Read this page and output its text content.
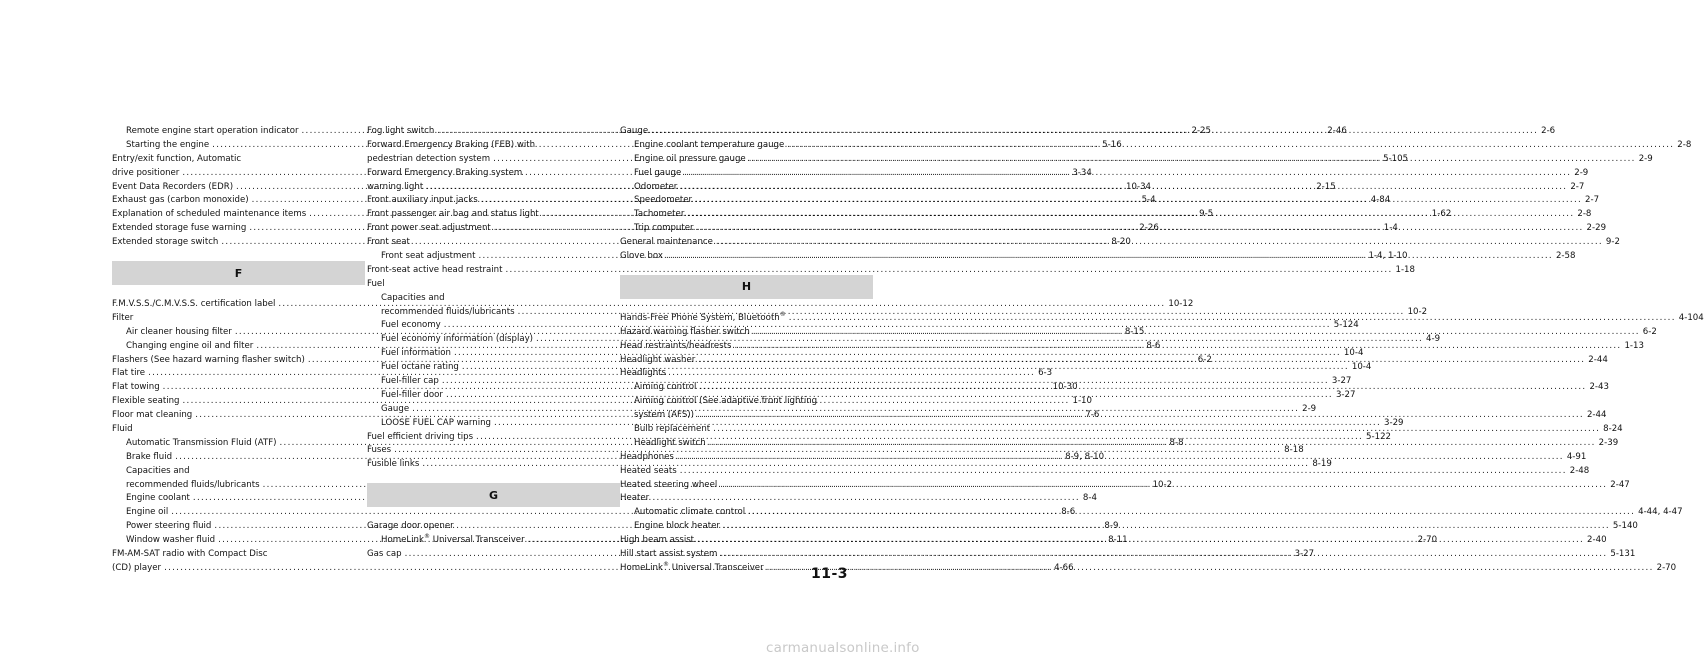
Remote engine start operation indicator .....	2-25
Starting the engine .....	5-16
Entry/exit function, Automatic
drive positioner .....	3-34
Event Data Recorders (EDR) .....	10-34
Exhaust gas (carbon monoxide) .....	5-4
Explanation of scheduled maintenance items .....	9-5
Extended storage fuse warning .....	2-26
Extended storage switch .....	8-20
F
F.M.V.S.S./C.M.V.S.S. certification label .....	10-12
Filter
Air cleaner housing filter .....	8-15
Changing engine oil and filter .....	8-6
Flashers (See hazard warning flasher switch) .....	6-2
Flat tire .....	6-3
Flat towing .....	10-30
Flexible seating .....	1-10
Floor mat cleaning .....	7-6
Fluid
Automatic Transmission Fluid (ATF) .....	8-8
Brake fluid .....	8-9, 8-10
Capacities and
recommended fluids/lubricants .....	10-2
Engine coolant .....	8-4
Engine oil .....	8-6
Power steering fluid .....	8-9
Window washer fluid .....	8-11
FM-AM-SAT radio with Compact Disc
(CD) player .....	4-66
Fog light switch .....	2-46
Forward Emergency Braking (FEB) with
pedestrian detection system .....	5-105
Forward Emergency Braking system
warning light .....	2-15
Front auxiliary input jacks .....	4-84
Front passenger air bag and status light .....	1-62
Front power seat adjustment .....	1-4
Front seat
Front seat adjustment .....	1-4, 1-10
Front-seat active head restraint .....	1-18
Fuel
Capacities and
recommended fluids/lubricants .....	10-2
Fuel economy .....	5-124
Fuel economy information (display) .....	4-9
Fuel information .....	10-4
Fuel octane rating .....	10-4
Fuel-filler cap .....	3-27
Fuel-filler door .....	3-27
Gauge .....	2-9
LOOSE FUEL CAP warning .....	3-29
Fuel efficient driving tips .....	5-122
Fuses .....	8-18
Fusible links .....	8-19
G
Garage door opener
HomeLink® Universal Transceiver .....	2-70
Gas cap .....	3-27
Gauge .....	2-6
Engine coolant temperature gauge .....	2-8
Engine oil pressure gauge .....	2-9
Fuel gauge .....	2-9
Odometer .....	2-7
Speedometer .....	2-7
Tachometer .....	2-8
Trip computer .....	2-29
General maintenance .....	9-2
Glove box .....	2-58
H
Hands-Free Phone System, Bluetooth® .....	4-104
Hazard warning flasher switch .....	6-2
Head restraints/headrests .....	1-13
Headlight washer .....	2-44
Headlights
Aiming control .....	2-43
Aiming control (See adaptive front lighting
system (AFS)) .....	2-44
Bulb replacement .....	8-24
Headlight switch .....	2-39
Headphones .....	4-91
Heated seats .....	2-48
Heated steering wheel .....	2-47
Heater
Automatic climate control .....	4-44, 4-47
Engine block heater .....	5-140
High beam assist .....	2-40
Hill start assist system .....	5-131
HomeLink® Universal Transceiver .....	2-70
11-3
carmanualsonline.info
